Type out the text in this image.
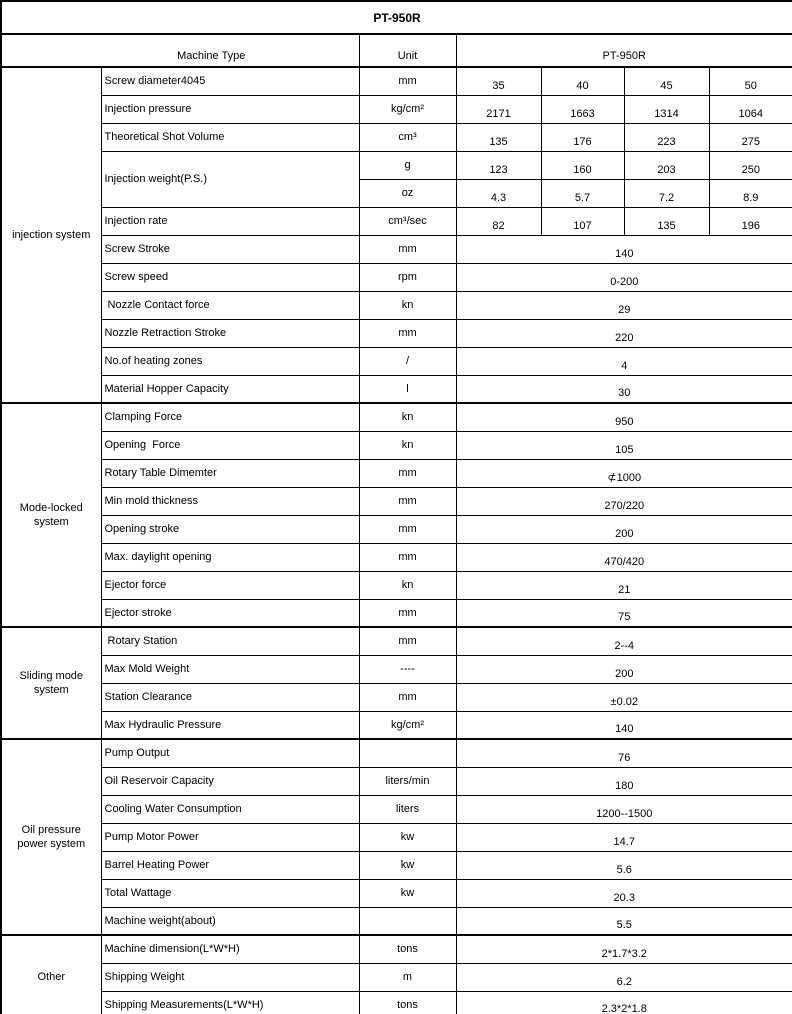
PT-950R						
Machine Type		Unit	PT-950R			
injection system	Screw diameter4045	mm	35	40	45	50
	Injection pressure	kg/cm²	2171	1663	1314	1064
	Theoretical Shot Volume	cm³	135	176	223	275
	Injection weight(P.S.)	g	123	160	203	250
		oz	4.3	5.7	7.2	8.9
	Injection rate	cm³/sec	82	107	135	196
	Screw Stroke	mm	140			
	Screw speed	rpm	0-200			
	Nozzle Contact force	kn	29			
	Nozzle Retraction Stroke	mm	220			
	No.of heating zones	/	4			
	Material Hopper Capacity	l	30			
Mode-locked system	Clamping Force	kn	950			
	Opening  Force	kn	105			
	Rotary Table Dimemter	mm	⊄1000			
	Min mold thickness	mm	270/220			
	Opening stroke	mm	200			
	Max. daylight opening	mm	470/420			
	Ejector force	kn	21			
	Ejector stroke	mm	75			
Sliding mode system	Rotary Station	mm	2--4			
	Max Mold Weight	----	200			
	Station Clearance	mm	±0.02			
	Max Hydraulic Pressure	kg/cm²	140			
Oil pressure power system	Pump Output		76			
	Oil Reservoir Capacity	liters/min	180			
	Cooling Water Consumption	liters	1200--1500			
	Pump Motor Power	kw	14.7			
	Barrel Heating Power	kw	5.6			
	Total Wattage	kw	20.3			
	Machine weight(about)		5.5			
Other	Machine dimension(L*W*H)	tons	2*1.7*3.2			
	Shipping Weight	m	6.2			
	Shipping Measurements(L*W*H)	tons	2.3*2*1.8			
